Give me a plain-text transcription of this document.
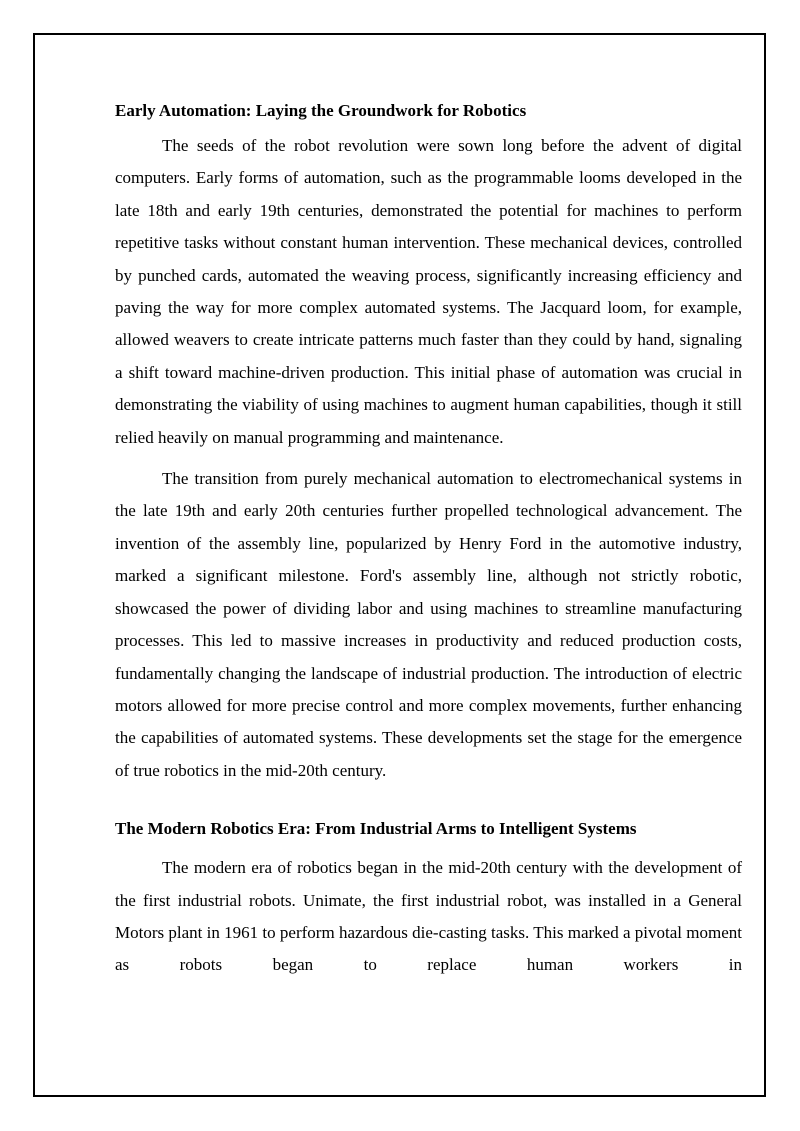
Early Automation: Laying the Groundwork for Robotics

The seeds of the robot revolution were sown long before the advent of digital computers. Early forms of automation, such as the programmable looms developed in the late 18th and early 19th centuries, demonstrated the potential for machines to perform repetitive tasks without constant human intervention. These mechanical devices, controlled by punched cards, automated the weaving process, significantly increasing efficiency and paving the way for more complex automated systems. The Jacquard loom, for example, allowed weavers to create intricate patterns much faster than they could by hand, signaling a shift toward machine-driven production. This initial phase of automation was crucial in demonstrating the viability of using machines to augment human capabilities, though it still relied heavily on manual programming and maintenance.

The transition from purely mechanical automation to electromechanical systems in the late 19th and early 20th centuries further propelled technological advancement. The invention of the assembly line, popularized by Henry Ford in the automotive industry, marked a significant milestone. Ford's assembly line, although not strictly robotic, showcased the power of dividing labor and using machines to streamline manufacturing processes. This led to massive increases in productivity and reduced production costs, fundamentally changing the landscape of industrial production. The introduction of electric motors allowed for more precise control and more complex movements, further enhancing the capabilities of automated systems. These developments set the stage for the emergence of true robotics in the mid-20th century.

The Modern Robotics Era: From Industrial Arms to Intelligent Systems

The modern era of robotics began in the mid-20th century with the development of the first industrial robots. Unimate, the first industrial robot, was installed in a General Motors plant in 1961 to perform hazardous die-casting tasks. This marked a pivotal moment as robots began to replace human workers in
